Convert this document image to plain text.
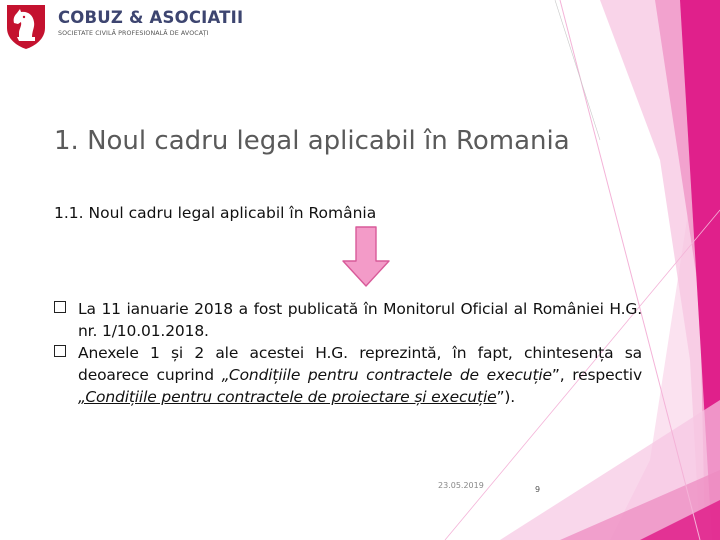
COBUZ & ASOCIATII
SOCIETATE CIVILĂ PROFESIONALĂ DE AVOCAȚI
1. Noul cadru legal aplicabil în Romania
1.1. Noul cadru legal aplicabil în România
La 11 ianuarie 2018 a fost publicată în Monitorul Oficial al României H.G. nr. 1/10.01.2018.
Anexele 1 și 2 ale acestei H.G. reprezintă, în fapt, chintesența sa deoarece cuprind „Condițiile pentru contractele de execuție”, respectiv „Condițiile pentru contractele de proiectare și execuție”).
23.05.2019	9
